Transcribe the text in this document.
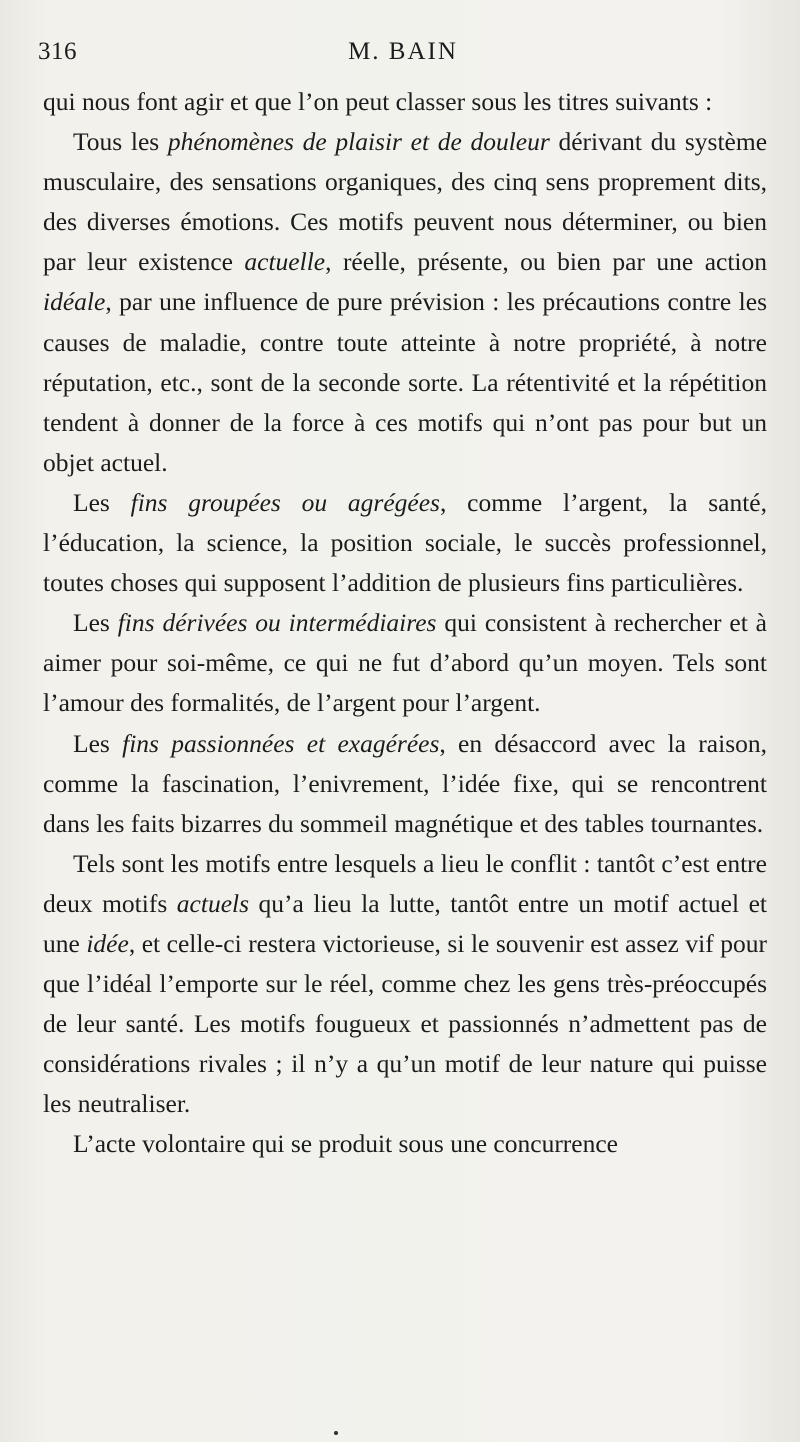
316	M. BAIN

qui nous font agir et que l’on peut classer sous les titres suivants :

Tous les phénomènes de plaisir et de douleur dérivant du système musculaire, des sensations organiques, des cinq sens proprement dits, des diverses émotions. Ces motifs peuvent nous déterminer, ou bien par leur existence actuelle, réelle, présente, ou bien par une action idéale, par une influence de pure prévision : les précautions contre les causes de maladie, contre toute atteinte à notre propriété, à notre réputation, etc., sont de la seconde sorte. La rétentivité et la répétition tendent à donner de la force à ces motifs qui n’ont pas pour but un objet actuel.

Les fins groupées ou agrégées, comme l’argent, la santé, l’éducation, la science, la position sociale, le succès professionnel, toutes choses qui supposent l’addition de plusieurs fins particulières.

Les fins dérivées ou intermédiaires qui consistent à rechercher et à aimer pour soi-même, ce qui ne fut d’abord qu’un moyen. Tels sont l’amour des formalités, de l’argent pour l’argent.

Les fins passionnées et exagérées, en désaccord avec la raison, comme la fascination, l’enivrement, l’idée fixe, qui se rencontrent dans les faits bizarres du sommeil magnétique et des tables tournantes.

Tels sont les motifs entre lesquels a lieu le conflit : tantôt c’est entre deux motifs actuels qu’a lieu la lutte, tantôt entre un motif actuel et une idée, et celle-ci restera victorieuse, si le souvenir est assez vif pour que l’idéal l’emporte sur le réel, comme chez les gens très-préoccupés de leur santé. Les motifs fougueux et passionnés n’admettent pas de considérations rivales ; il n’y a qu’un motif de leur nature qui puisse les neutraliser.

L’acte volontaire qui se produit sous une concurrence
